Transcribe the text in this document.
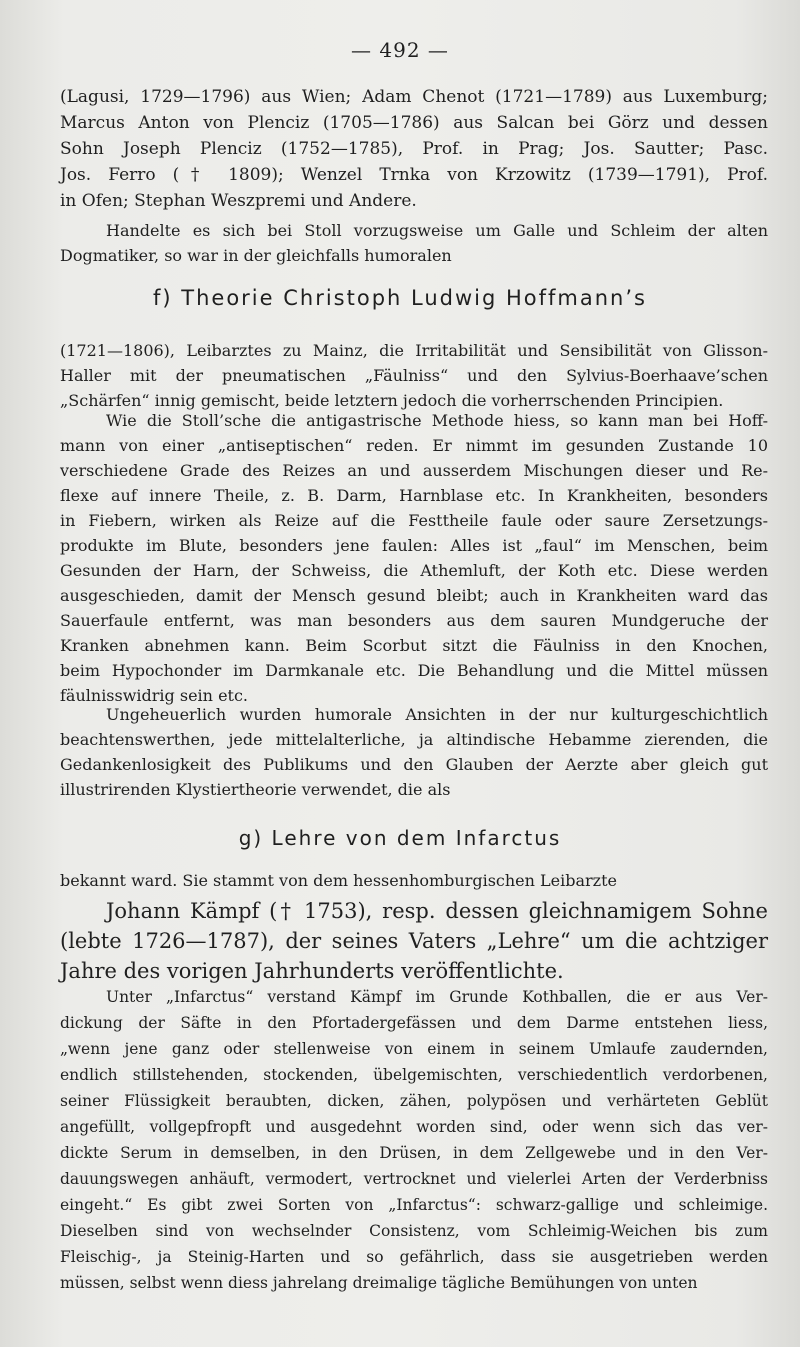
— 492 —
(Lagusi, 1729—1796) aus Wien; Adam Chenot (1721—1789) aus Luxemburg;
Marcus Anton von Plenciz (1705—1786) aus Salcan bei Görz und dessen
Sohn Joseph Plenciz (1752—1785), Prof. in Prag; Jos. Sautter; Pasc.
Jos. Ferro († 1809); Wenzel Trnka von Krzowitz (1739—1791), Prof.
in Ofen; Stephan Weszpremi und Andere.
Handelte es sich bei Stoll vorzugsweise um Galle und Schleim der alten
Dogmatiker, so war in der gleichfalls humoralen
f) Theorie Christoph Ludwig Hoffmann’s
(1721—1806), Leibarztes zu Mainz, die Irritabilität und Sensibilität von Glisson-
Haller mit der pneumatischen „Fäulniss“ und den Sylvius-Boerhaave’schen
„Schärfen“ innig gemischt, beide letztern jedoch die vorherrschenden Principien.
Wie die Stoll’sche die antigastrische Methode hiess, so kann man bei Hoff-
mann von einer „antiseptischen“ reden. Er nimmt im gesunden Zustande 10
verschiedene Grade des Reizes an und ausserdem Mischungen dieser und Re-
flexe auf innere Theile, z. B. Darm, Harnblase etc. In Krankheiten, besonders
in Fiebern, wirken als Reize auf die Festtheile faule oder saure Zersetzungs-
produkte im Blute, besonders jene faulen: Alles ist „faul“ im Menschen, beim
Gesunden der Harn, der Schweiss, die Athemluft, der Koth etc. Diese werden
ausgeschieden, damit der Mensch gesund bleibt; auch in Krankheiten ward das
Sauerfaule entfernt, was man besonders aus dem sauren Mundgeruche der
Kranken abnehmen kann. Beim Scorbut sitzt die Fäulniss in den Knochen,
beim Hypochonder im Darmkanale etc. Die Behandlung und die Mittel müssen
fäulnisswidrig sein etc.
Ungeheuerlich wurden humorale Ansichten in der nur kulturgeschichtlich
beachtenswerthen, jede mittelalterliche, ja altindische Hebamme zierenden, die
Gedankenlosigkeit des Publikums und den Glauben der Aerzte aber gleich gut
illustrirenden Klystiertheorie verwendet, die als
g) Lehre von dem Infarctus
bekannt ward. Sie stammt von dem hessenhomburgischen Leibarzte
Johann Kämpf († 1753), resp. dessen gleichnamigem Sohne
(lebte 1726—1787), der seines Vaters „Lehre“ um die achtziger
Jahre des vorigen Jahrhunderts veröffentlichte.
Unter „Infarctus“ verstand Kämpf im Grunde Kothballen, die er aus Ver-
dickung der Säfte in den Pfortadergefässen und dem Darme entstehen liess,
„wenn jene ganz oder stellenweise von einem in seinem Umlaufe zaudernden,
endlich stillstehenden, stockenden, übelgemischten, verschiedentlich verdorbenen,
seiner Flüssigkeit beraubten, dicken, zähen, polypösen und verhärteten Geblüt
angefüllt, vollgepfropft und ausgedehnt worden sind, oder wenn sich das ver-
dickte Serum in demselben, in den Drüsen, in dem Zellgewebe und in den Ver-
dauungswegen anhäuft, vermodert, vertrocknet und vielerlei Arten der Verderbniss
eingeht.“ Es gibt zwei Sorten von „Infarctus“: schwarz-gallige und schleimige.
Dieselben sind von wechselnder Consistenz, vom Schleimig-Weichen bis zum
Fleischig-, ja Steinig-Harten und so gefährlich, dass sie ausgetrieben werden
müssen, selbst wenn diess jahrelang dreimalige tägliche Bemühungen von unten
